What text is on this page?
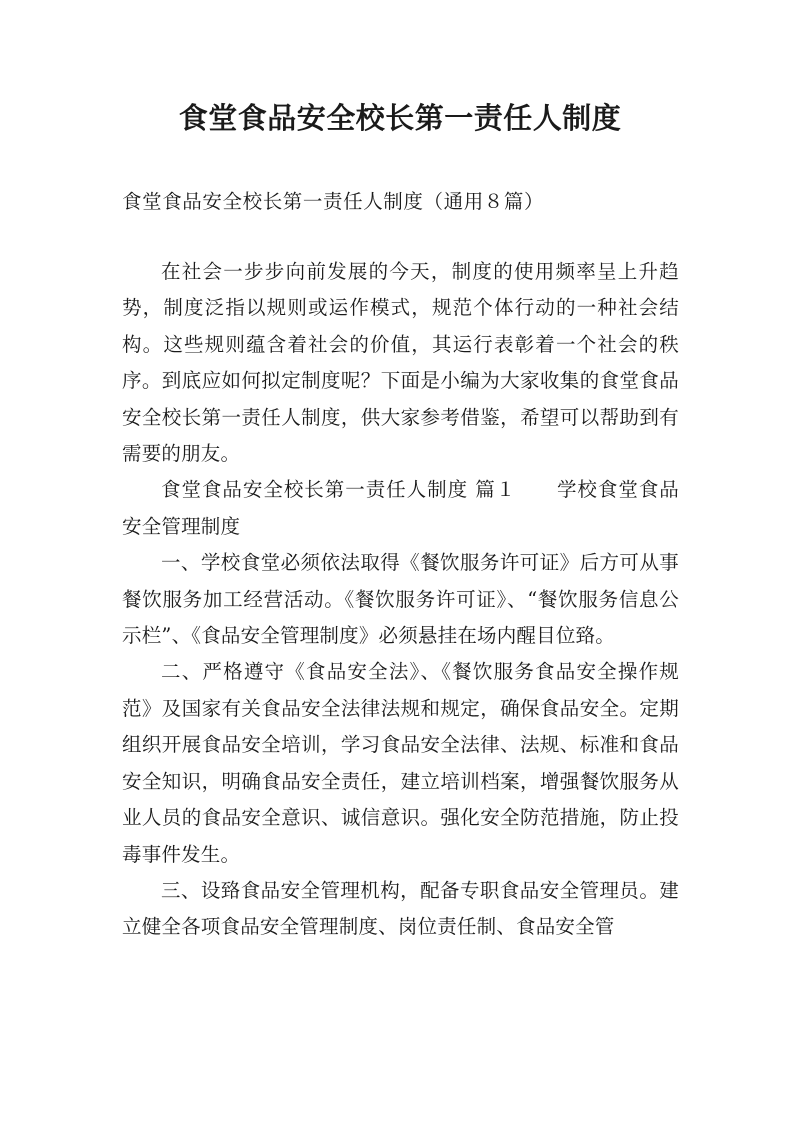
食堂食品安全校长第一责任人制度

食堂食品安全校长第一责任人制度（通用８篇）

在社会一步步向前发展的今天，制度的使用频率呈上升趋势，制度泛指以规则或运作模式，规范个体行动的一种社会结构。这些规则蕴含着社会的价值，其运行表彰着一个社会的秩序。到底应如何拟定制度呢？下面是小编为大家收集的食堂食品安全校长第一责任人制度，供大家参考借鉴，希望可以帮助到有需要的朋友。

食堂食品安全校长第一责任人制度 篇１ 学校食堂食品安全管理制度

一、学校食堂必须依法取得《餐饮服务许可证》后方可从事餐饮服务加工经营活动。《餐饮服务许可证》、“餐饮服务信息公示栏”、《食品安全管理制度》必须悬挂在场内醒目位臵。

二、严格遵守《食品安全法》、《餐饮服务食品安全操作规范》及国家有关食品安全法律法规和规定，确保食品安全。定期组织开展食品安全培训，学习食品安全法律、法规、标准和食品安全知识，明确食品安全责任，建立培训档案，增强餐饮服务从业人员的食品安全意识、诚信意识。强化安全防范措施，防止投毒事件发生。

三、设臵食品安全管理机构，配备专职食品安全管理员。建立健全各项食品安全管理制度、岗位责任制、食品安全管
